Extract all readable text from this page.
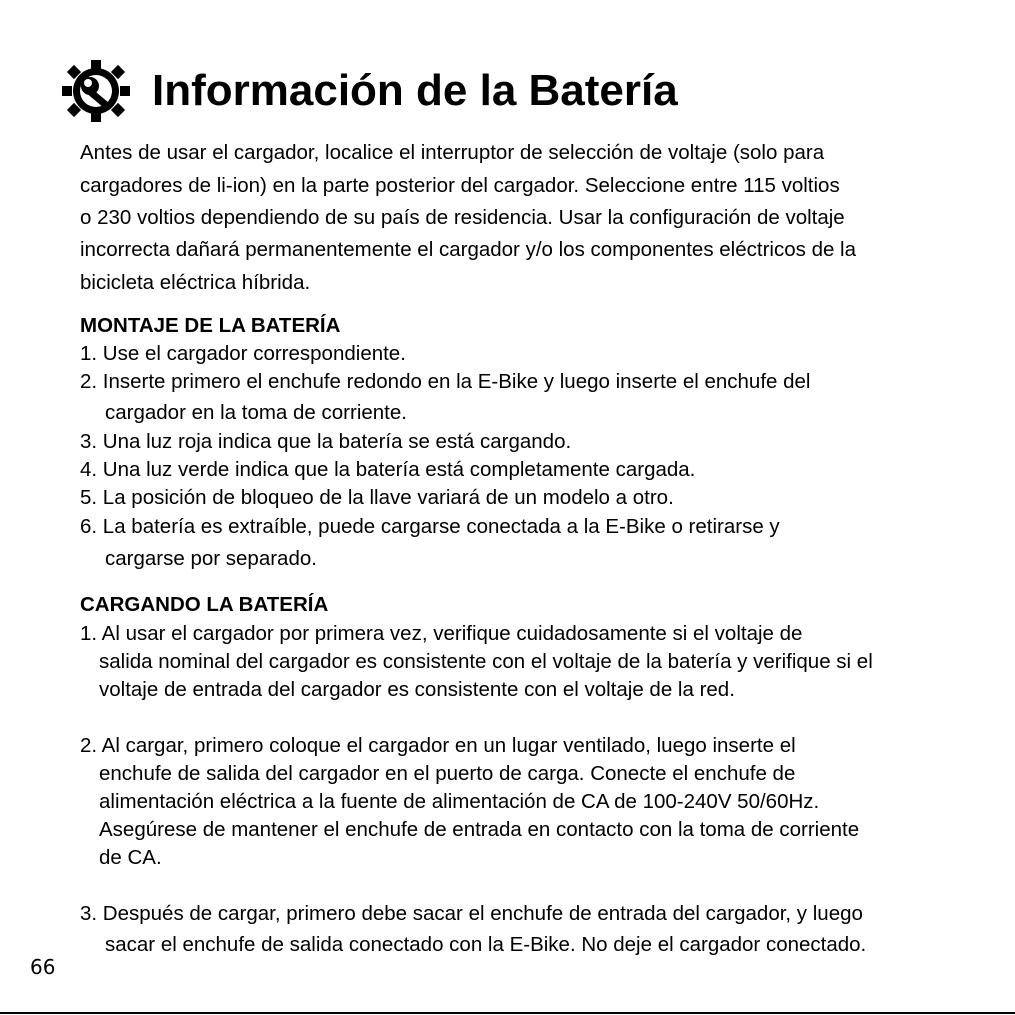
Información de la Batería
Antes de usar el cargador, localice el interruptor de selección de voltaje (solo para
cargadores de li-ion) en la parte posterior del cargador. Seleccione entre 115 voltios
o 230 voltios dependiendo de su país de residencia. Usar la configuración de voltaje
incorrecta dañará permanentemente el cargador y/o los componentes eléctricos de la
bicicleta eléctrica híbrida.
MONTAJE DE LA BATERÍA
1. Use el cargador correspondiente.
2. Inserte primero el enchufe redondo en la E-Bike y luego inserte el enchufe del
cargador en la toma de corriente.
3. Una luz roja indica que la batería se está cargando.
4. Una luz verde indica que la batería está completamente cargada.
5. La posición de bloqueo de la llave variará de un modelo a otro.
6. La batería es extraíble, puede cargarse conectada a la E-Bike o retirarse y
cargarse por separado.
CARGANDO LA BATERÍA
1. Al usar el cargador por primera vez, verifique cuidadosamente si el voltaje de
salida nominal del cargador es consistente con el voltaje de la batería y verifique si el
voltaje de entrada del cargador es consistente con el voltaje de la red.
2. Al cargar, primero coloque el cargador en un lugar ventilado, luego inserte el
enchufe de salida del cargador en el puerto de carga. Conecte el enchufe de
alimentación eléctrica a la fuente de alimentación de CA de 100-240V 50/60Hz.
Asegúrese de mantener el enchufe de entrada en contacto con la toma de corriente
de CA.
3. Después de cargar, primero debe sacar el enchufe de entrada del cargador, y luego
sacar el enchufe de salida conectado con la E-Bike. No deje el cargador conectado.
66
